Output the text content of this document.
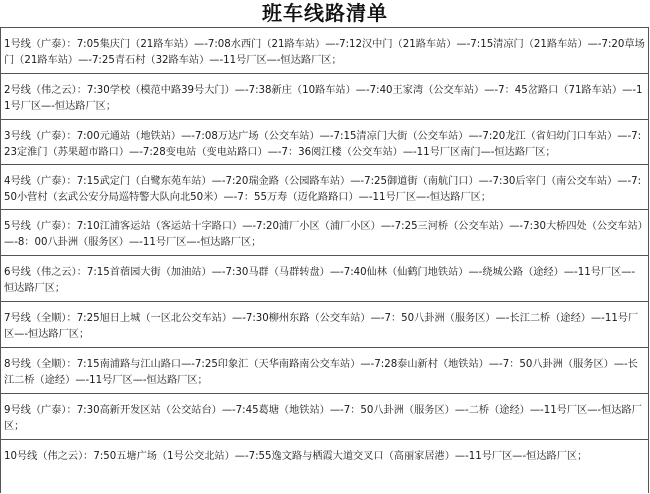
班车线路清单
1号线（广泰）：7:05集庆门（21路车站）—-7:08水西门（21路车站）—-7:12汉中门（21路车站）—-7:15清凉门（21路车站）—-7:20草场门（21路车站）—-7:25青石村（32路车站）—-11号厂区—-恒达路厂区；
2号线（伟之云）：7:30学校（模范中路39号大门）—-7:38新庄（10路车站）—-7:40王家湾（公交车站）—-7：45岔路口（71路车站）—-11号厂区—-恒达路厂区；
3号线（广泰）：7:00元通站（地铁站）—-7:08万达广场（公交车站）—-7:15清凉门大街（公交车站）—-7:20龙江（省妇幼门口车站）—-7:23定淮门（苏果超市路口）—-7:28变电站（变电站路口）—-7：36阅江楼（公交车站）—-11号厂区南门—-恒达路厂区；
4号线（广泰）：7:15武定门（白鹭东苑车站）—-7:20瑞金路（公园路车站）—-7:25御道街（南航门口）—-7:30后宰门（南公交车站）—-7:50小营村（玄武公安分局巡特警大队向北50米）—-7：55万寿（迈化路路口）—-11号厂区—-恒达路厂区；
5号线（广泰）：7:10江浦客运站（客运站十字路口）—-7:20浦厂小区（浦厂小区）—-7:25三河桥（公交车站）—-7:30大桥四处（公交车站）—-8：00八卦洲（服务区）—-11号厂区—-恒达路厂区；
6号线（伟之云）：7:15首蓿园大街（加油站）—-7:30马群（马群转盘）—-7:40仙林（仙鹤门地铁站）—-绕城公路（途经）—-11号厂区—-恒达路厂区；
7号线（全顺）：7:25旭日上城（一区北公交车站）—-7:30柳州东路（公交车站）—-7：50八卦洲（服务区）—-长江二桥（途经）—-11号厂区—-恒达路厂区；
8号线（全顺）：7:15南浦路与江山路口—-7:25印象汇（天华南路南公交车站）—-7:28泰山新村（地铁站）—-7：50八卦洲（服务区）—-长江二桥（途经）—-11号厂区—-恒达路厂区；
9号线（广泰）：7:30高新开发区站（公交站台）—-7:45葛塘（地铁站）—-7：50八卦洲（服务区）—-二桥（途经）—-11号厂区—-恒达路厂区；
10号线（伟之云）：7:50五塘广场（1号公交北站）—-7:55逸文路与栖霞大道交叉口（高丽家居港）—-11号厂区—-恒达路厂区；
